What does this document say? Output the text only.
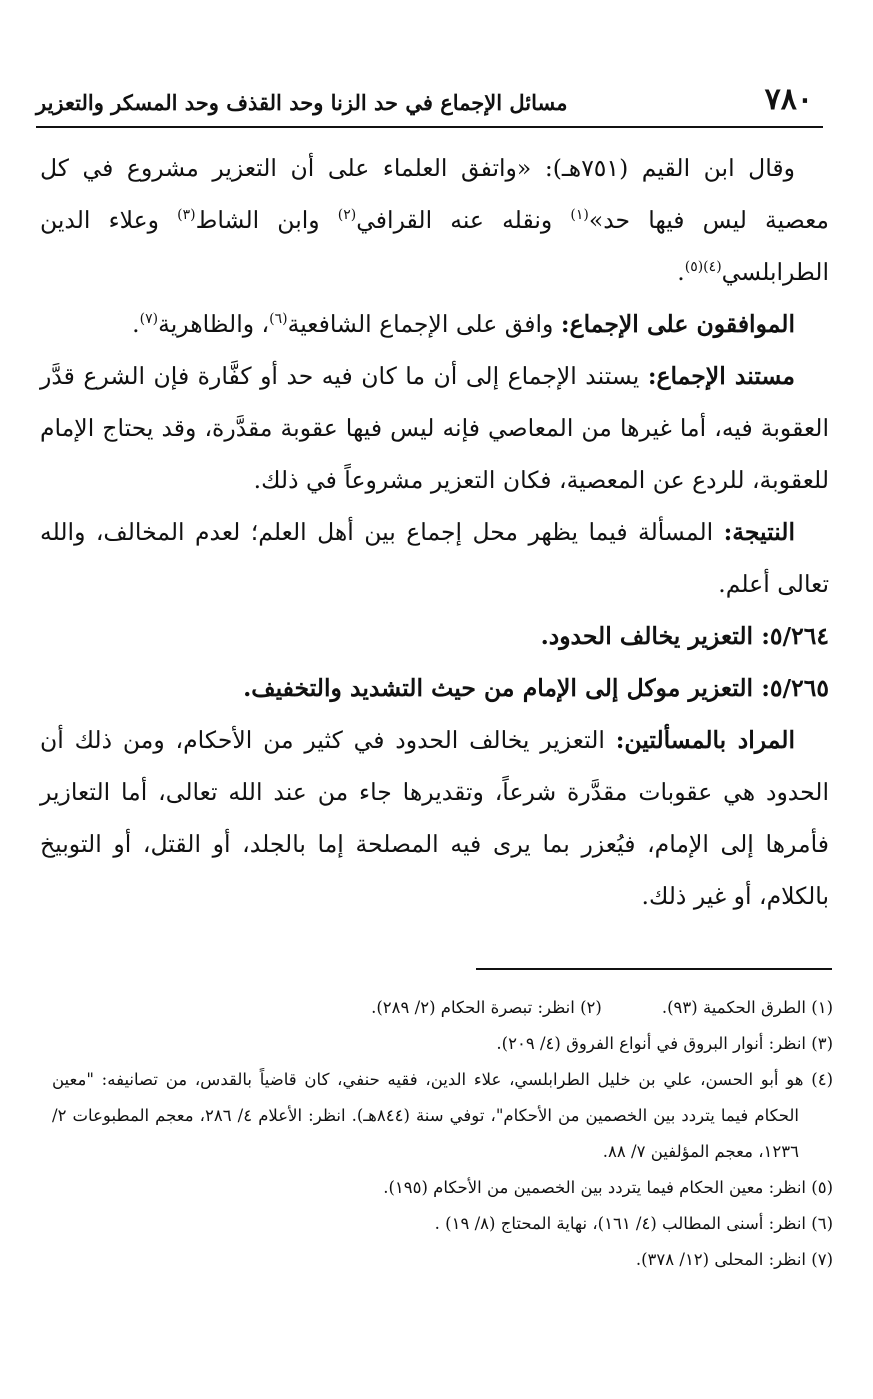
٧٨٠
مسائل الإجماع في حد الزنا وحد القذف وحد المسكر والتعزير

وقال ابن القيم (٧٥١هـ): «واتفق العلماء على أن التعزير مشروع في كل معصية ليس فيها حد»$^{(١)}$ ونقله عنه القرافي$^{(٢)}$ وابن الشاط$^{(٣)}$ وعلاء الدين الطرابلسي$^{(٤)(٥)}$.

الموافقون على الإجماع: وافق على الإجماع الشافعية$^{(٦)}$، والظاهرية$^{(٧)}$.

مستند الإجماع: يستند الإجماع إلى أن ما كان فيه حد أو كفَّارة فإن الشرع قدَّر العقوبة فيه، أما غيرها من المعاصي فإنه ليس فيها عقوبة مقدَّرة، وقد يحتاج الإمام للعقوبة، للردع عن المعصية، فكان التعزير مشروعاً في ذلك.

النتيجة: المسألة فيما يظهر محل إجماع بين أهل العلم؛ لعدم المخالف، والله تعالى أعلم.

٥/٢٦٤: التعزير يخالف الحدود.

٥/٢٦٥: التعزير موكل إلى الإمام من حيث التشديد والتخفيف.

المراد بالمسألتين: التعزير يخالف الحدود في كثير من الأحكام، ومن ذلك أن الحدود هي عقوبات مقدَّرة شرعاً، وتقديرها جاء من عند الله تعالى، أما التعازير فأمرها إلى الإمام، فيُعزر بما يرى فيه المصلحة إما بالجلد، أو القتل، أو التوبيخ بالكلام، أو غير ذلك.

(١) الطرق الحكمية (٩٣).
(٢) انظر: تبصرة الحكام (٢/ ٢٨٩).
(٣) انظر: أنوار البروق في أنواع الفروق (٤/ ٢٠٩).
(٤) هو أبو الحسن، علي بن خليل الطرابلسي، علاء الدين، فقيه حنفي، كان قاضياً بالقدس، من تصانيفه: "معين الحكام فيما يتردد بين الخصمين من الأحكام"، توفي سنة (٨٤٤هـ). انظر: الأعلام ٤/ ٢٨٦، معجم المطبوعات ٢/ ١٢٣٦، معجم المؤلفين ٧/ ٨٨.
(٥) انظر: معين الحكام فيما يتردد بين الخصمين من الأحكام (١٩٥).
(٦) انظر: أسنى المطالب (٤/ ١٦١)، نهاية المحتاج (٨/ ١٩) .
(٧) انظر: المحلى (١٢/ ٣٧٨).
